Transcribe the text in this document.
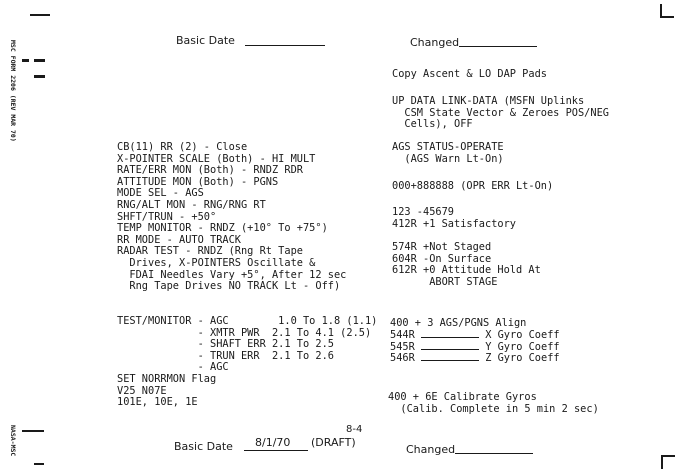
MSC FORM 2206 (REV MAR 70)
NASA-MSC
Basic Date	Changed
CB(11) RR (2) - Close
X-POINTER SCALE (Both) - HI MULT
RATE/ERR MON (Both) - RNDZ RDR
ATTITUDE MON (Both) - PGNS
MODE SEL - AGS
RNG/ALT MON - RNG/RNG RT
SHFT/TRUN - +50°
TEMP MONITOR - RNDZ (+10° To +75°)
RR MODE - AUTO TRACK
RADAR TEST - RNDZ (Rng Rt Tape
Drives, X-POINTERS Oscillate &
FDAI Needles Vary +5°, After 12 sec
Rng Tape Drives NO TRACK Lt - Off)
TEST/MONITOR - AGC        1.0 To 1.8 (1.1)
- XMTR PWR  2.1 To 4.1 (2.5)
- SHAFT ERR 2.1 To 2.5
- TRUN ERR  2.1 To 2.6
- AGC
SET NORRMON Flag
V25 N07E
101E, 10E, 1E
Copy Ascent & LO DAP Pads
UP DATA LINK-DATA (MSFN Uplinks
CSM State Vector & Zeroes POS/NEG
Cells), OFF
AGS STATUS-OPERATE
(AGS Warn Lt-On)
000+888888 (OPR ERR Lt-On)
123 -45679
412R +1 Satisfactory
574R +Not Staged
604R -On Surface
612R +0 Attitude Hold At
ABORT STAGE
400 + 3 AGS/PGNS Align
544R	X Gyro Coeff
545R	Y Gyro Coeff
546R	Z Gyro Coeff
400 + 6E Calibrate Gyros
(Calib. Complete in 5 min 2 sec)
8-4
Basic Date 8/1/70 (DRAFT)
Changed
